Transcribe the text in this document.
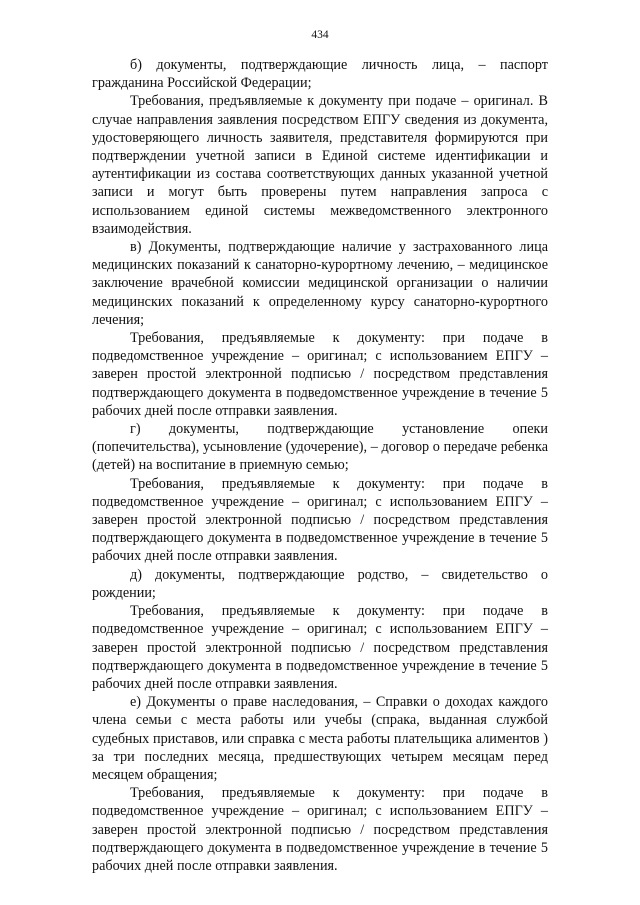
434

б) документы, подтверждающие личность лица, – паспорт гражданина Российской Федерации;

Требования, предъявляемые к документу при подаче – оригинал. В случае направления заявления посредством ЕПГУ сведения из документа, удостоверяющего личность заявителя, представителя формируются при подтверждении учетной записи в Единой системе идентификации и аутентификации из состава соответствующих данных указанной учетной записи и могут быть проверены путем направления запроса с использованием единой системы межведомственного электронного взаимодействия.

в) Документы, подтверждающие наличие у застрахованного лица медицинских показаний к санаторно-курортному лечению, – медицинское заключение врачебной комиссии медицинской организации о наличии медицинских показаний к определенному курсу санаторно-курортного лечения;

Требования, предъявляемые к документу: при подаче в подведомственное учреждение – оригинал; с использованием ЕПГУ – заверен простой электронной подписью / посредством представления подтверждающего документа в подведомственное учреждение в течение 5 рабочих дней после отправки заявления.

г) документы, подтверждающие установление опеки (попечительства), усыновление (удочерение), – договор о передаче ребенка (детей) на воспитание в приемную семью;

Требования, предъявляемые к документу: при подаче в подведомственное учреждение – оригинал; с использованием ЕПГУ – заверен простой электронной подписью / посредством представления подтверждающего документа в подведомственное учреждение в течение 5 рабочих дней после отправки заявления.

д) документы, подтверждающие родство, – свидетельство о рождении;

Требования, предъявляемые к документу: при подаче в подведомственное учреждение – оригинал; с использованием ЕПГУ – заверен простой электронной подписью / посредством представления подтверждающего документа в подведомственное учреждение в течение 5 рабочих дней после отправки заявления.

е) Документы о праве наследования, – Справки о доходах каждого члена семьи с места работы или учебы (спрака, выданная службой судебных приставов, или справка с места работы плательщика алиментов ) за три последних месяца, предшествующих четырем месяцам перед месяцем обращения;

Требования, предъявляемые к документу: при подаче в подведомственное учреждение – оригинал; с использованием ЕПГУ – заверен простой электронной подписью / посредством представления подтверждающего документа в подведомственное учреждение в течение 5 рабочих дней после отправки заявления.
